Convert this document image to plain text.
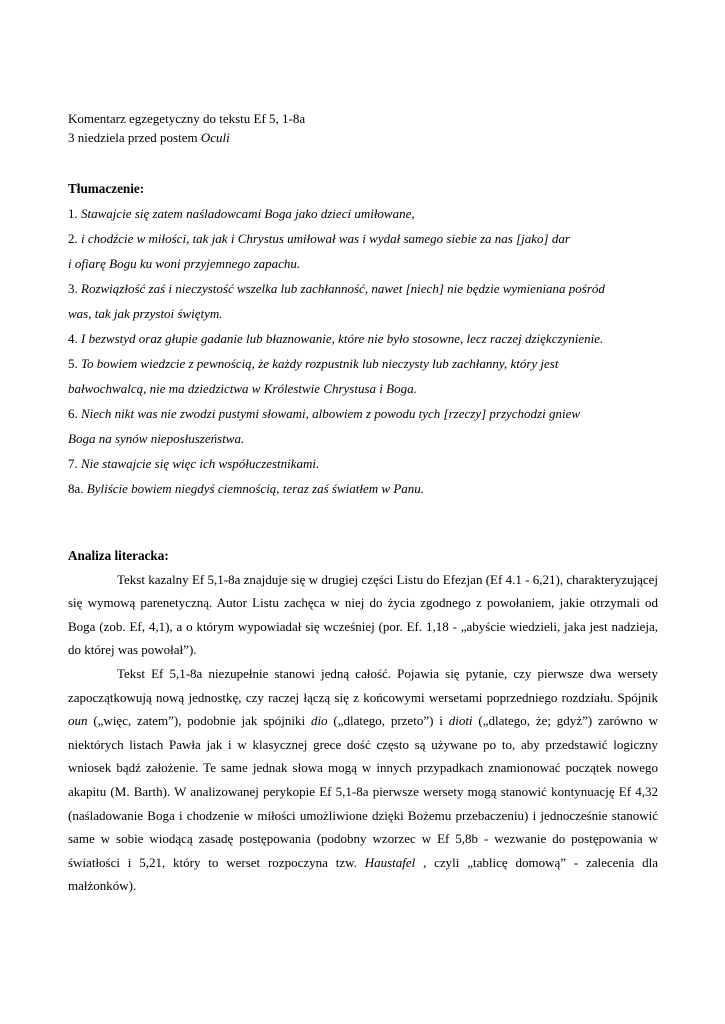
Komentarz egzegetyczny do tekstu Ef 5, 1-8a
3 niedziela przed postem Oculi
Tłumaczenie:
1. Stawajcie się zatem naśladowcami Boga jako dzieci umiłowane,
2. i chodźcie w miłości, tak jak i Chrystus umiłował was i wydał samego siebie za nas [jako] dar
i ofiarę Bogu ku woni przyjemnego zapachu.
3. Rozwiązłość zaś i nieczystość wszelka lub zachłanność, nawet [niech] nie będzie wymieniana pośród
was, tak jak przystoi świętym.
4. I bezwstyd oraz głupie gadanie lub błaznowanie, które nie było stosowne, lecz raczej dziękczynienie.
5. To bowiem wiedzcie z pewnością, że każdy rozpustnik lub nieczysty lub zachłanny, który jest
bałwochwalcą, nie ma dziedzictwa w Królestwie Chrystusa i Boga.
6. Niech nikt was nie zwodzi pustymi słowami, albowiem z powodu tych [rzeczy] przychodzi gniew
Boga na synów nieposłuszeństwa.
7. Nie stawajcie się więc ich współuczestnikami.
8a. Byliście bowiem niegdyś ciemnością, teraz zaś światłem w Panu.
Analiza literacka:

Tekst kazalny Ef 5,1-8a znajduje się w drugiej części Listu do Efezjan (Ef 4.1 - 6,21), charakteryzującej się wymową parenetyczną. Autor Listu zachęca w niej do życia zgodnego z powołaniem, jakie otrzymali od Boga (zob. Ef, 4,1), a o którym wypowiadał się wcześniej (por. Ef. 1,18 - „abyście wiedzieli, jaka jest nadzieja, do której was powołał”).

Tekst Ef 5,1-8a niezupełnie stanowi jedną całość. Pojawia się pytanie, czy pierwsze dwa wersety zapoczątkowują nową jednostkę, czy raczej łączą się z końcowymi wersetami poprzedniego rozdziału. Spójnik oun („więc, zatem”), podobnie jak spójniki dio („dlatego, przeto”) i dioti („dlatego, że; gdyż”) zarówno w niektórych listach Pawła jak i w klasycznej grece dość często są używane po to, aby przedstawić logiczny wniosek bądź założenie. Te same jednak słowa mogą w innych przypadkach znamionować początek nowego akapitu (M. Barth). W analizowanej perykopie Ef 5,1-8a pierwsze wersety mogą stanowić kontynuację Ef 4,32 (naśladowanie Boga i chodzenie w miłości umożliwione dzięki Bożemu przebaczeniu) i jednocześnie stanowić same w sobie wiodącą zasadę postępowania (podobny wzorzec w Ef 5,8b - wezwanie do postępowania w światłości i 5,21, który to werset rozpoczyna tzw. Haustafel , czyli „tablicę domową” - zalecenia dla małżonków).
